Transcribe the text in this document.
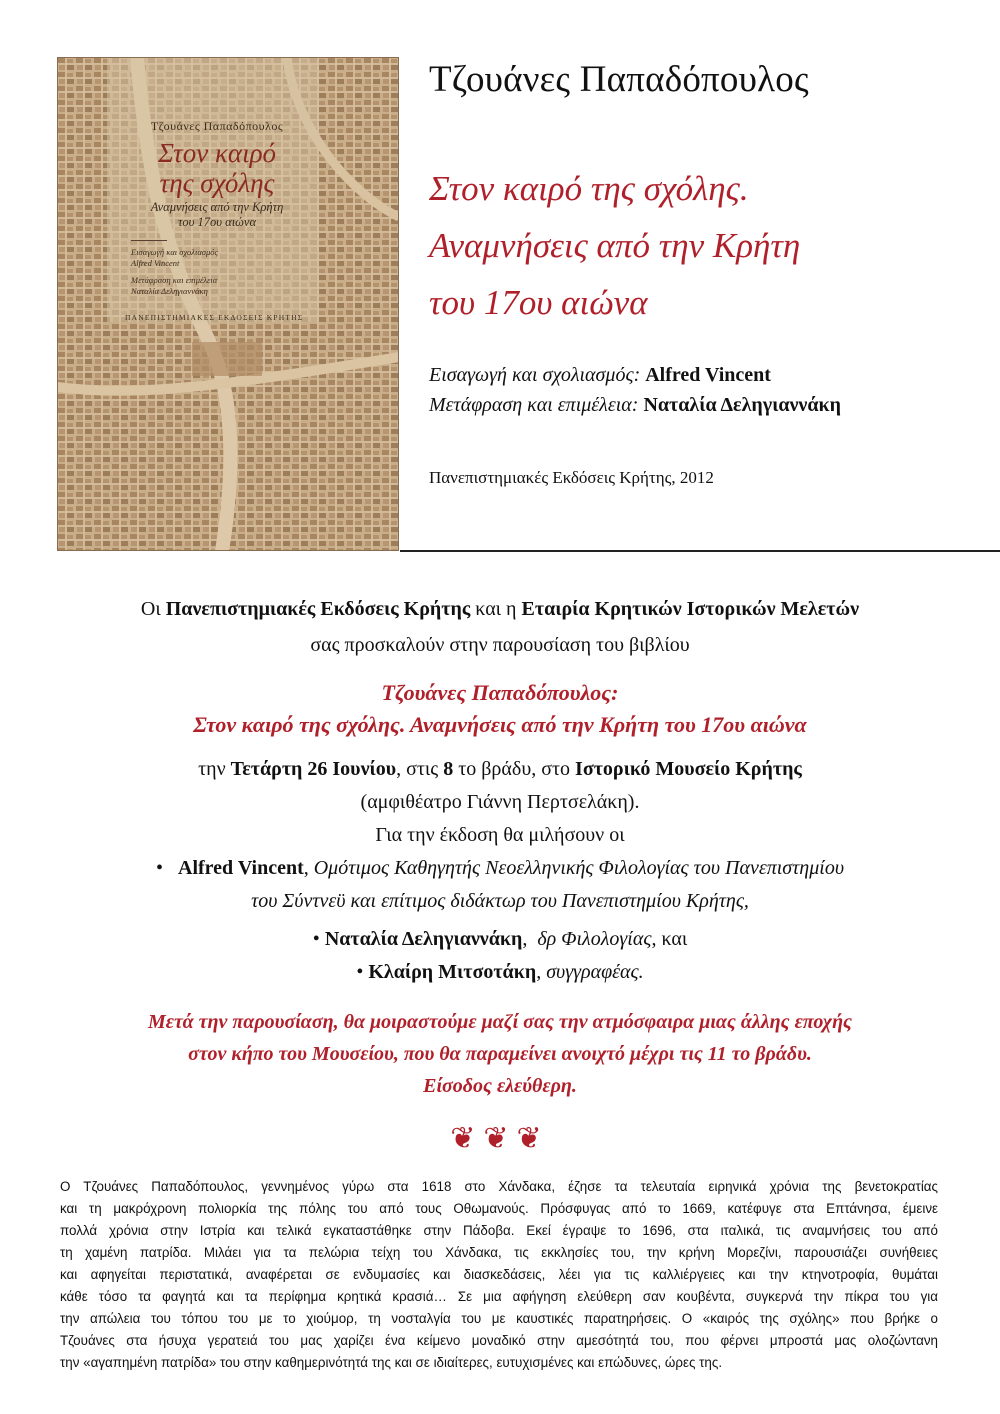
Τζουάνες Παπαδόπουλος
Στον καιρό
της σχόλης
Αναμνήσεις από την Κρήτη
του 17ου αιώνα
Εισαγωγή και σχολιασμός
Alfred Vincent
Μετάφραση και επιμέλεια
Ναταλία Δεληγιαννάκη
ΠΑΝΕΠΙΣΤΗΜΙΑΚΕΣ ΕΚΔΟΣΕΙΣ ΚΡΗΤΗΣ
Τζουάνες Παπαδόπουλος
Στον καιρό της σχόλης.
Αναμνήσεις από την Κρήτη
του 17ου αιώνα
Εισαγωγή και σχολιασμός: Alfred Vincent
Μετάφραση και επιμέλεια: Ναταλία Δεληγιαννάκη
Πανεπιστημιακές Εκδόσεις Κρήτης, 2012
Οι Πανεπιστημιακές Εκδόσεις Κρήτης και η Εταιρία Κρητικών Ιστορικών Μελετών
σας προσκαλούν στην παρουσίαση του βιβλίου
Τζουάνες Παπαδόπουλος:
Στον καιρό της σχόλης. Αναμνήσεις από την Κρήτη του 17ου αιώνα
την Τετάρτη 26 Ιουνίου, στις 8 το βράδυ, στο Ιστορικό Μουσείο Κρήτης
(αμφιθέατρο Γιάννη Περτσελάκη).
Για την έκδοση θα μιλήσουν οι
• Alfred Vincent, Ομότιμος Καθηγητής Νεοελληνικής Φιλολογίας του Πανεπιστημίου
του Σύντνεϋ και επίτιμος διδάκτωρ του Πανεπιστημίου Κρήτης,
• Ναταλία Δεληγιαννάκη,  δρ Φιλολογίας, και
• Κλαίρη Μιτσοτάκη, συγγραφέας.
Μετά την παρουσίαση, θα μοιραστούμε μαζί σας την ατμόσφαιρα μιας άλλης εποχής
στον κήπο του Μουσείου, που θα παραμείνει ανοιχτό μέχρι τις 11 το βράδυ.
Είσοδος ελεύθερη.
❦❦❦
Ο Τζουάνες Παπαδόπουλος, γεννημένος γύρω στα 1618 στο Χάνδακα, έζησε τα τελευταία ειρηνικά χρόνια της βενετοκρατίας
και τη μακρόχρονη πολιορκία της πόλης του από τους Οθωμανούς. Πρόσφυγας από το 1669, κατέφυγε στα Επτάνησα, έμεινε
πολλά χρόνια στην Ιστρία και τελικά εγκαταστάθηκε στην Πάδοβα. Εκεί έγραψε το 1696, στα ιταλικά, τις αναμνήσεις του από
τη χαμένη πατρίδα. Μιλάει για τα πελώρια τείχη του Χάνδακα, τις εκκλησίες του, την κρήνη Μορεζίνι, παρουσιάζει συνήθειες
και αφηγείται περιστατικά, αναφέρεται σε ενδυμασίες και διασκεδάσεις, λέει για τις καλλιέργειες και την κτηνοτροφία, θυμάται
κάθε τόσο τα φαγητά και τα περίφημα κρητικά κρασιά… Σε μια αφήγηση ελεύθερη σαν κουβέντα, συγκερνά την πίκρα του για
την απώλεια του τόπου του με το χιούμορ, τη νοσταλγία του με καυστικές παρατηρήσεις. Ο «καιρός της σχόλης» που βρήκε ο
Τζουάνες στα ήσυχα γερατειά του μας χαρίζει ένα κείμενο μοναδικό στην αμεσότητά του, που φέρνει μπροστά μας ολοζώντανη
την «αγαπημένη πατρίδα» του στην καθημερινότητά της και σε ιδιαίτερες, ευτυχισμένες και επώδυνες, ώρες της.
